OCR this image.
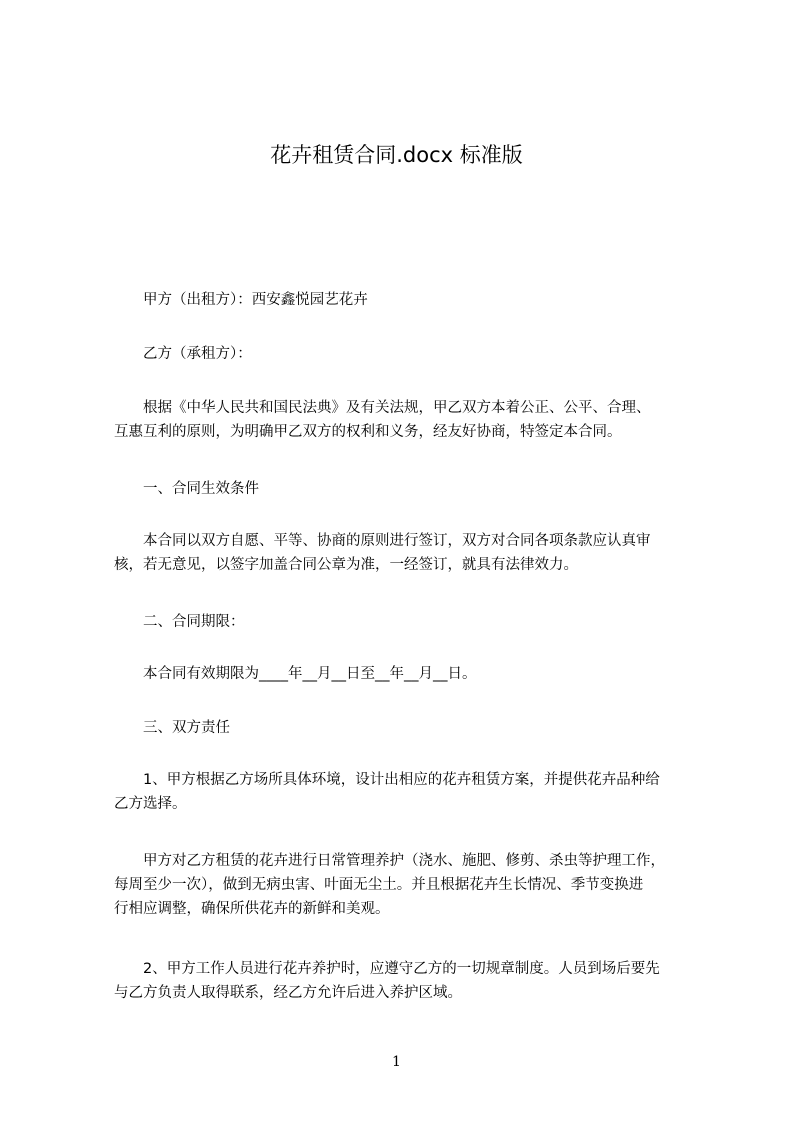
花卉租赁合同.docx 标准版
　　甲方（出租方）：西安鑫悦园艺花卉
　　乙方（承租方）：
　　根据《中华人民共和国民法典》及有关法规，甲乙双方本着公正、公平、合理、
互惠互利的原则，为明确甲乙双方的权利和义务，经友好协商，特签定本合同。
　　一、合同生效条件
　　本合同以双方自愿、平等、协商的原则进行签订，双方对合同各项条款应认真审
核，若无意见，以签字加盖合同公章为准，一经签订，就具有法律效力。
　　二、合同期限：
　　本合同有效期限为____年__月__日至__年__月__日。
　　三、双方责任
　　1、甲方根据乙方场所具体环境，设计出相应的花卉租赁方案，并提供花卉品种给
乙方选择。
　　甲方对乙方租赁的花卉进行日常管理养护（浇水、施肥、修剪、杀虫等护理工作，
每周至少一次），做到无病虫害、叶面无尘土。并且根据花卉生长情况、季节变换进
行相应调整，确保所供花卉的新鲜和美观。
　　2、甲方工作人员进行花卉养护时，应遵守乙方的一切规章制度。人员到场后要先
与乙方负责人取得联系，经乙方允许后进入养护区域。
1
